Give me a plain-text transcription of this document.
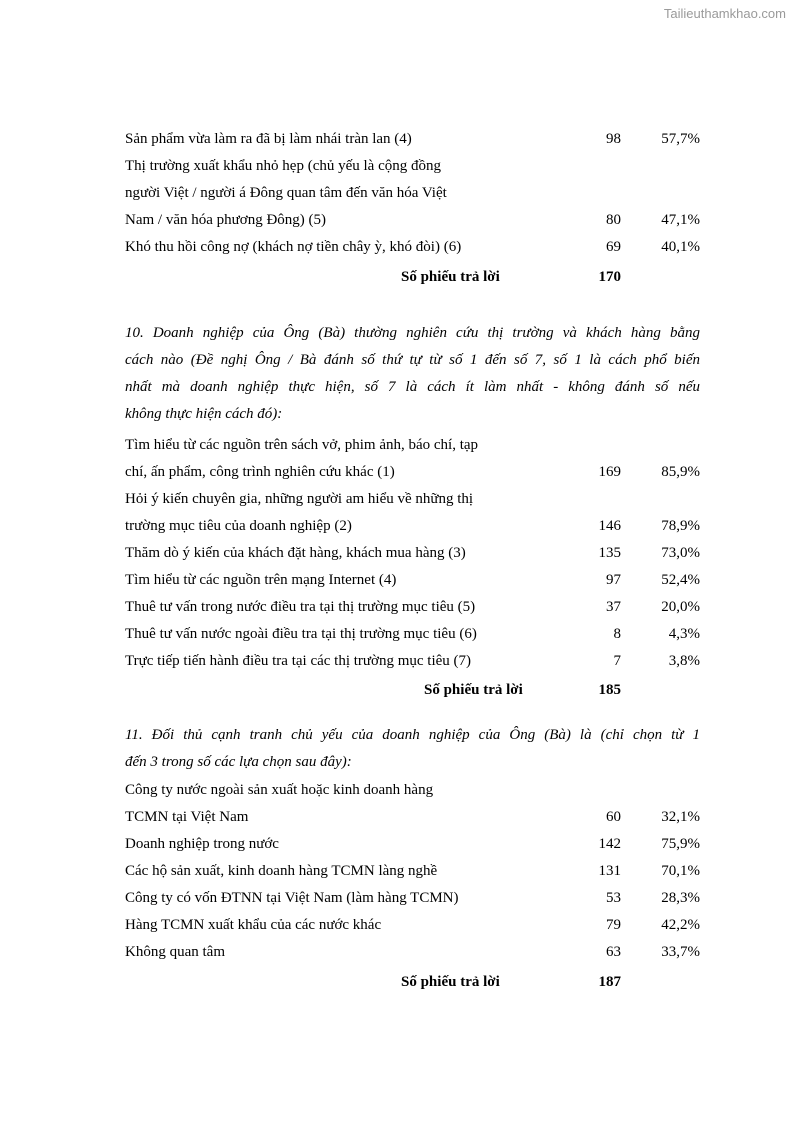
Tailieuthamkhao.com
Sản phẩm vừa làm ra đã bị làm nhái tràn lan (4)	98	57,7%
Thị trường xuất khẩu nhỏ hẹp (chủ yếu là cộng đồng
người Việt / người á Đông quan tâm đến văn hóa Việt
Nam / văn hóa phương Đông) (5)	80	47,1%
Khó thu hồi công nợ (khách nợ tiền chây ỳ, khó đòi) (6)	69	40,1%
Số phiếu trả lời	170
10. Doanh nghiệp của Ông (Bà) thường nghiên cứu thị trường và khách hàng bằng
cách nào (Đề nghị Ông / Bà đánh số thứ tự từ số 1 đến số 7, số 1 là cách phổ biến
nhất mà doanh nghiệp thực hiện, số 7 là cách ít làm nhất - không đánh số nếu
không thực hiện cách đó):
Tìm hiểu từ các nguồn trên sách vở, phim ảnh, báo chí, tạp
chí, ấn phẩm, công trình nghiên cứu khác (1)	169	85,9%
Hỏi ý kiến chuyên gia, những người am hiểu về những thị
trường mục tiêu của doanh nghiệp (2)	146	78,9%
Thăm dò ý kiến của khách đặt hàng, khách mua hàng (3)	135	73,0%
Tìm hiểu từ các nguồn trên mạng Internet (4)	97	52,4%
Thuê tư vấn trong nước điều tra tại thị trường mục tiêu (5)	37	20,0%
Thuê tư vấn nước ngoài điều tra tại thị trường mục tiêu (6)	8	4,3%
Trực tiếp tiến hành điều tra tại các thị trường mục tiêu (7)	7	3,8%
Số phiếu trả lời	185
11. Đối thủ cạnh tranh chủ yếu của doanh nghiệp của Ông (Bà) là (chỉ chọn từ 1
đến 3 trong số các lựa chọn sau đây):
Công ty nước ngoài sản xuất hoặc kinh doanh hàng
TCMN tại Việt Nam	60	32,1%
Doanh nghiệp trong nước	142	75,9%
Các hộ sản xuất, kinh doanh hàng TCMN làng nghề	131	70,1%
Công ty có vốn ĐTNN tại Việt Nam (làm hàng TCMN)	53	28,3%
Hàng TCMN xuất khẩu của các nước khác	79	42,2%
Không quan tâm	63	33,7%
Số phiếu trả lời	187
